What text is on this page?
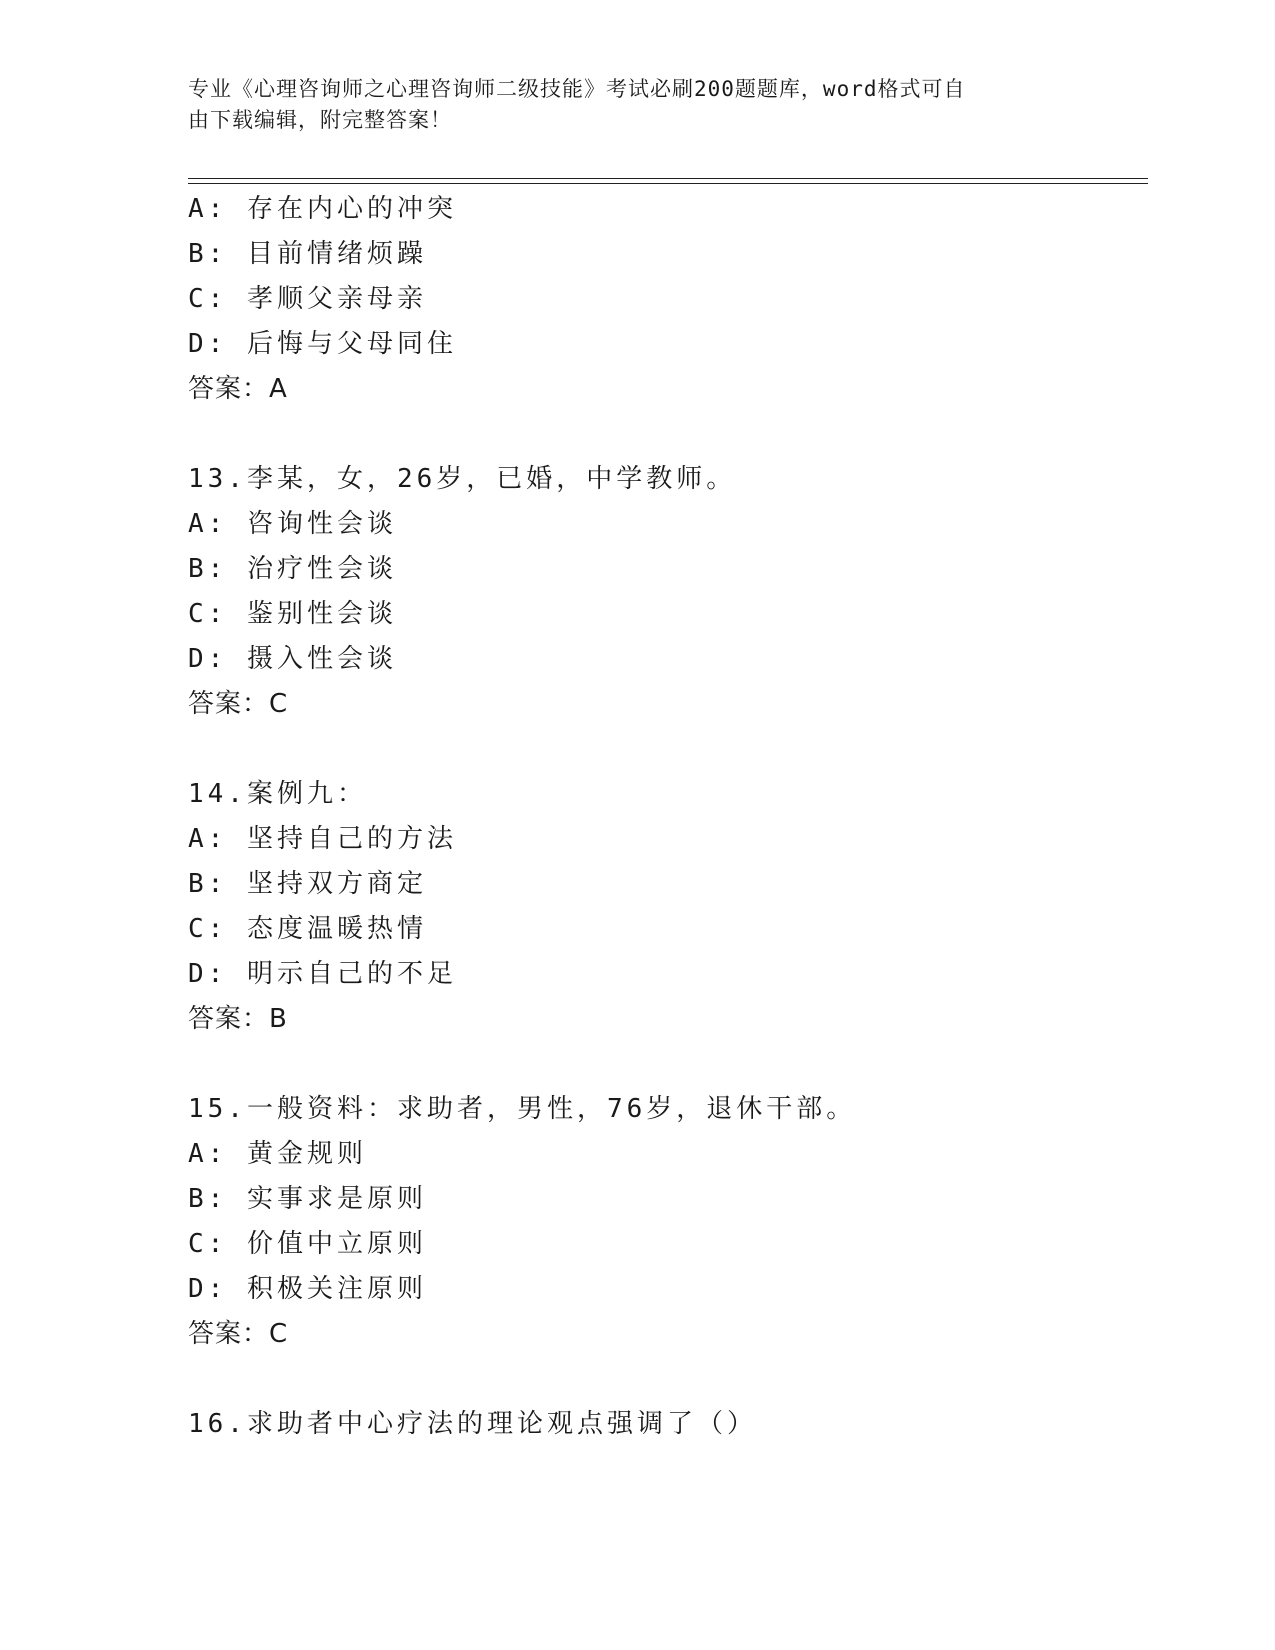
专业《心理咨询师之心理咨询师二级技能》考试必刷200题题库，word格式可自
由下载编辑，附完整答案！
A: 存在内心的冲突
B: 目前情绪烦躁
C: 孝顺父亲母亲
D: 后悔与父母同住
答案：A
13.李某，女，26岁，已婚，中学教师。
A: 咨询性会谈
B: 治疗性会谈
C: 鉴别性会谈
D: 摄入性会谈
答案：C
14.案例九：
A: 坚持自己的方法
B: 坚持双方商定
C: 态度温暖热情
D: 明示自己的不足
答案：B
15.一般资料：求助者，男性，76岁，退休干部。
A: 黄金规则
B: 实事求是原则
C: 价值中立原则
D: 积极关注原则
答案：C
16.求助者中心疗法的理论观点强调了（）
